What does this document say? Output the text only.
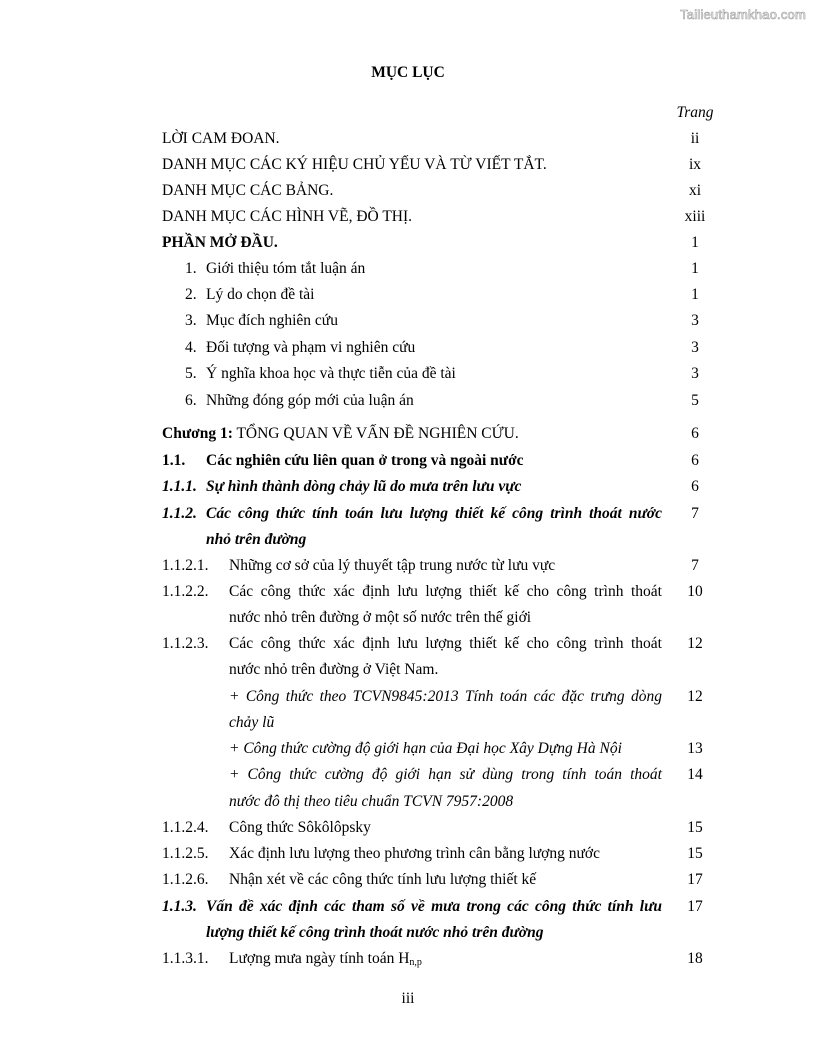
Tailieuthamkhao.com
MỤC LỤC
Trang
LỜI CAM ĐOAN.	ii
DANH MỤC CÁC KÝ HIỆU CHỦ YẾU VÀ TỪ VIẾT TẮT.	ix
DANH MỤC CÁC BẢNG.	xi
DANH MỤC CÁC HÌNH VẼ, ĐỒ THỊ.	xiii
PHẦN MỞ ĐẦU.	1
1. Giới thiệu tóm tắt luận án	1
2. Lý do chọn đề tài	1
3. Mục đích nghiên cứu	3
4. Đối tượng và phạm vi nghiên cứu	3
5. Ý nghĩa khoa học và thực tiễn của đề tài	3
6. Những đóng góp mới của luận án	5
Chương 1: TỔNG QUAN VỀ VẤN ĐỀ NGHIÊN CỨU.	6
1.1. Các nghiên cứu liên quan ở trong và ngoài nước	6
1.1.1. Sự hình thành dòng chảy lũ do mưa trên lưu vực	6
1.1.2. Các công thức tính toán lưu lượng thiết kế công trình thoát nước	7
nhỏ trên đường
1.1.2.1. Những cơ sở của lý thuyết tập trung nước từ lưu vực	7
1.1.2.2. Các công thức xác định lưu lượng thiết kế cho công trình thoát	10
nước nhỏ trên đường ở một số nước trên thế giới
1.1.2.3. Các công thức xác định lưu lượng thiết kế cho công trình thoát	12
nước nhỏ trên đường ở Việt Nam.
+ Công thức theo TCVN9845:2013 Tính toán các đặc trưng dòng	12
chảy lũ
+ Công thức cường độ giới hạn của Đại học Xây Dựng Hà Nội	13
+ Công thức cường độ giới hạn sử dùng trong tính toán thoát	14
nước đô thị theo tiêu chuẩn TCVN 7957:2008
1.1.2.4. Công thức Sôkôlôpsky	15
1.1.2.5. Xác định lưu lượng theo phương trình cân bằng lượng nước	15
1.1.2.6. Nhận xét về các công thức tính lưu lượng thiết kế	17
1.1.3. Vấn đề xác định các tham số về mưa trong các công thức tính lưu	17
lượng thiết kế công trình thoát nước nhỏ trên đường
1.1.3.1. Lượng mưa ngày tính toán $H_{n,p}$	18
iii
